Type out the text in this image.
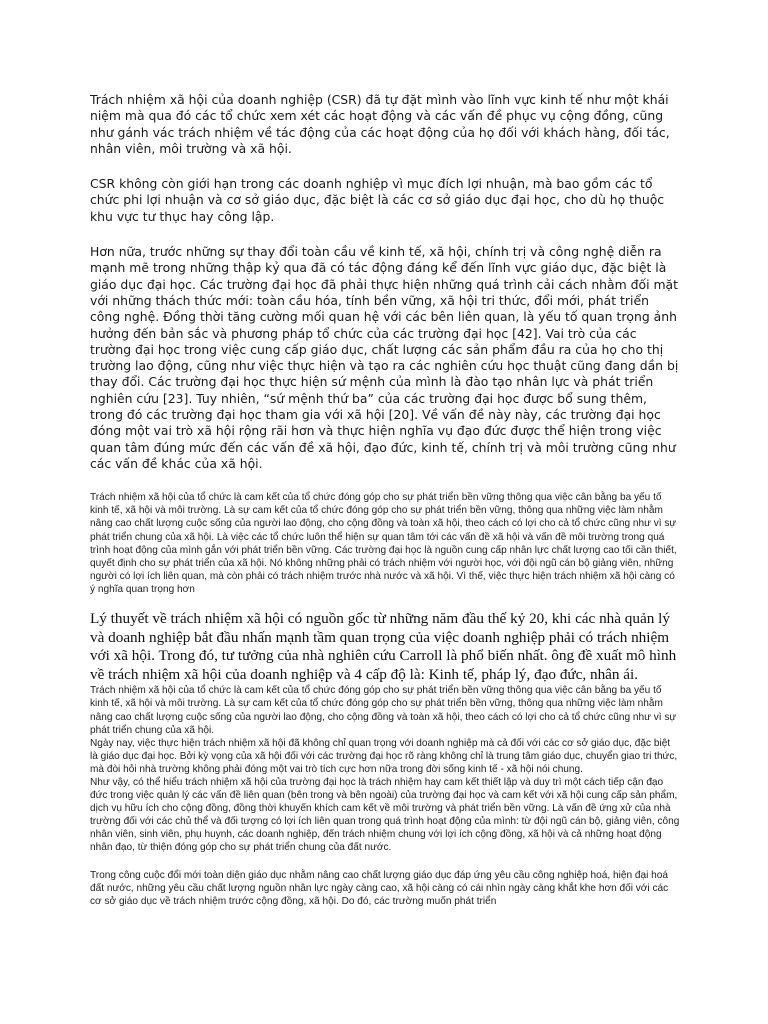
Trách nhiệm xã hội của doanh nghiệp (CSR) đã tự đặt mình vào lĩnh vực kinh tế như một khái niệm mà qua đó các tổ chức xem xét các hoạt động và các vấn đề phục vụ cộng đồng, cũng như gánh vác trách nhiệm về tác động của các hoạt động của họ đối với khách hàng, đối tác, nhân viên, môi trường và xã hội.

CSR không còn giới hạn trong các doanh nghiệp vì mục đích lợi nhuận, mà bao gồm các tổ chức phi lợi nhuận và cơ sở giáo dục, đặc biệt là các cơ sở giáo dục đại học, cho dù họ thuộc khu vực tư thục hay công lập.

Hơn nữa, trước những sự thay đổi toàn cầu về kinh tế, xã hội, chính trị và công nghệ diễn ra mạnh mẽ trong những thập kỷ qua đã có tác động đáng kể đến lĩnh vực giáo dục, đặc biệt là giáo dục đại học. Các trường đại học đã phải thực hiện những quá trình cải cách nhằm đối mặt với những thách thức mới: toàn cầu hóa, tính bền vững, xã hội tri thức, đổi mới, phát triển công nghệ. Đồng thời tăng cường mối quan hệ với các bên liên quan, là yếu tố quan trọng ảnh hưởng đến bản sắc và phương pháp tổ chức của các trường đại học [42]. Vai trò của các trường đại học trong việc cung cấp giáo dục, chất lượng các sản phẩm đầu ra của họ cho thị trường lao động, cũng như việc thực hiện và tạo ra các nghiên cứu học thuật cũng đang dần bị thay đổi. Các trường đại học thực hiện sứ mệnh của mình là đào tạo nhân lực và phát triển nghiên cứu [23]. Tuy nhiên, “sứ mệnh thứ ba” của các trường đại học được bổ sung thêm, trong đó các trường đại học tham gia với xã hội [20]. Về vấn đề này này, các trường đại học đóng một vai trò xã hội rộng rãi hơn và thực hiện nghĩa vụ đạo đức được thể hiện trong việc quan tâm đúng mức đến các vấn đề xã hội, đạo đức, kinh tế, chính trị và môi trường cũng như các vấn đề khác của xã hội.

Trách nhiệm xã hội của tổ chức là cam kết của tổ chức đóng góp cho sự phát triển bền vững thông qua việc cân bằng ba yếu tố kinh tế, xã hội và môi trường. Là sự cam kết của tổ chức đóng góp cho sự phát triển bền vững, thông qua những việc làm nhằm nâng cao chất lượng cuộc sống của người lao động, cho cộng đồng và toàn xã hội, theo cách có lợi cho cả tổ chức cũng như vì sự phát triển chung của xã hội. Là việc các tổ chức luôn thể hiện sự quan tâm tới các vấn đề xã hội và vấn đề môi trường trong quá trình hoạt động của mình gắn với phát triển bền vững. Các trường đại học là nguồn cung cấp nhân lực chất lượng cao tối cần thiết, quyết định cho sự phát triển của xã hội. Nó không những phải có trách nhiệm với người học, với đội ngũ cán bộ giảng viên, những người có lợi ích liên quan, mà còn phải có trách nhiệm trước nhà nước và xã hội. Vì thế, việc thực hiện trách nhiệm xã hội càng có ý nghĩa quan trọng hơn

Lý thuyết về trách nhiệm xã hội có nguồn gốc từ những năm đầu thế kỷ 20, khi các nhà quản lý và doanh nghiệp bắt đầu nhấn mạnh tầm quan trọng của việc doanh nghiệp phải có trách nhiệm với xã hội. Trong đó, tư tưởng của nhà nghiên cứu Carroll là phổ biến nhất. ông đề xuất mô hình về trách nhiệm xã hội của doanh nghiệp và 4 cấp độ là: Kinh tế, pháp lý, đạo đức, nhân ái.

Trách nhiệm xã hội của tổ chức là cam kết của tổ chức đóng góp cho sự phát triển bền vững thông qua việc cân bằng ba yếu tố kinh tế, xã hội và môi trường. Là sự cam kết của tổ chức đóng góp cho sự phát triển bền vững, thông qua những việc làm nhằm nâng cao chất lượng cuộc sống của người lao động, cho cộng đồng và toàn xã hội, theo cách có lợi cho cả tổ chức cũng như vì sự phát triển chung của xã hội.

Ngày nay, việc thực hiện trách nhiệm xã hội đã không chỉ quan trọng với doanh nghiệp mà cả đối với các cơ sở giáo dục, đặc biệt là giáo dục đại học. Bởi kỳ vọng của xã hội đối với các trường đại học rõ ràng không chỉ là trung tâm giáo dục, chuyển giao tri thức, mà đòi hỏi nhà trường không phải đóng một vai trò tích cực hơn nữa trong đời sống kinh tế - xã hội nói chung.

Như vậy, có thể hiểu trách nhiệm xã hội của trường đại học là trách nhiệm hay cam kết thiết lập và duy trì một cách tiếp cận đạo đức trong việc quản lý các vấn đề liên quan (bên trong và bên ngoài) của trường đại học và cam kết với xã hội cung cấp sản phẩm, dịch vụ hữu ích cho cộng đồng, đồng thời khuyến khích cam kết về môi trường và phát triển bền vững. Là vấn đề ứng xử của nhà trường đối với các chủ thể và đối tượng có lợi ích liên quan trong quá trình hoạt động của mình: từ đội ngũ cán bộ, giảng viên, công nhân viên, sinh viên, phụ huynh, các doanh nghiệp, đến trách nhiệm chung với lợi ích cộng đồng, xã hội và cả những hoạt động nhân đạo, từ thiện đóng góp cho sự phát triển chung của đất nước.

Trong công cuộc đổi mới toàn diện giáo dục nhằm nâng cao chất lượng giáo dục đáp ứng yêu cầu công nghiệp hoá, hiện đại hoá đất nước, những yêu cầu chất lượng nguồn nhân lực ngày càng cao, xã hội càng có cái nhìn ngày càng khắt khe hơn đối với các cơ sở giáo dục về trách nhiệm trước cộng đồng, xã hội. Do đó, các trường muốn phát triển
